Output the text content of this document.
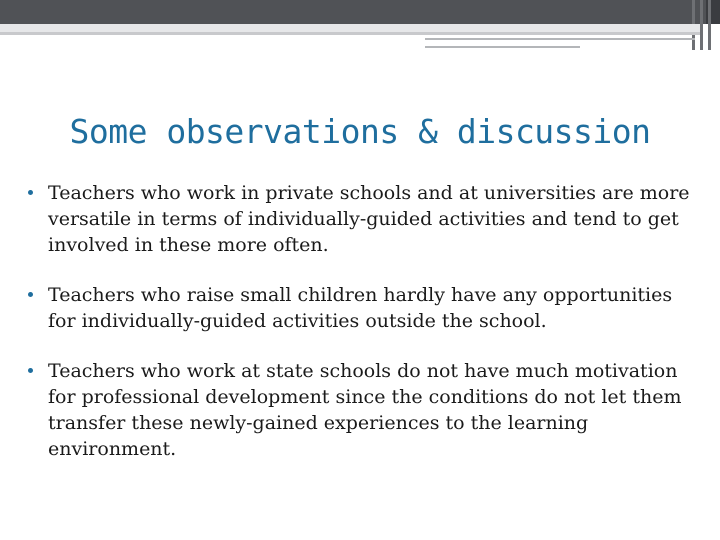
Some observations & discussion
Teachers who work in private schools and at universities are more versatile in terms of individually-guided activities and tend to get involved in these more often.
Teachers who raise small children hardly have any opportunities for individually-guided activities outside the school.
Teachers who work at state schools do not have much motivation for professional development since the conditions do not let them transfer these newly-gained experiences to the learning environment.
